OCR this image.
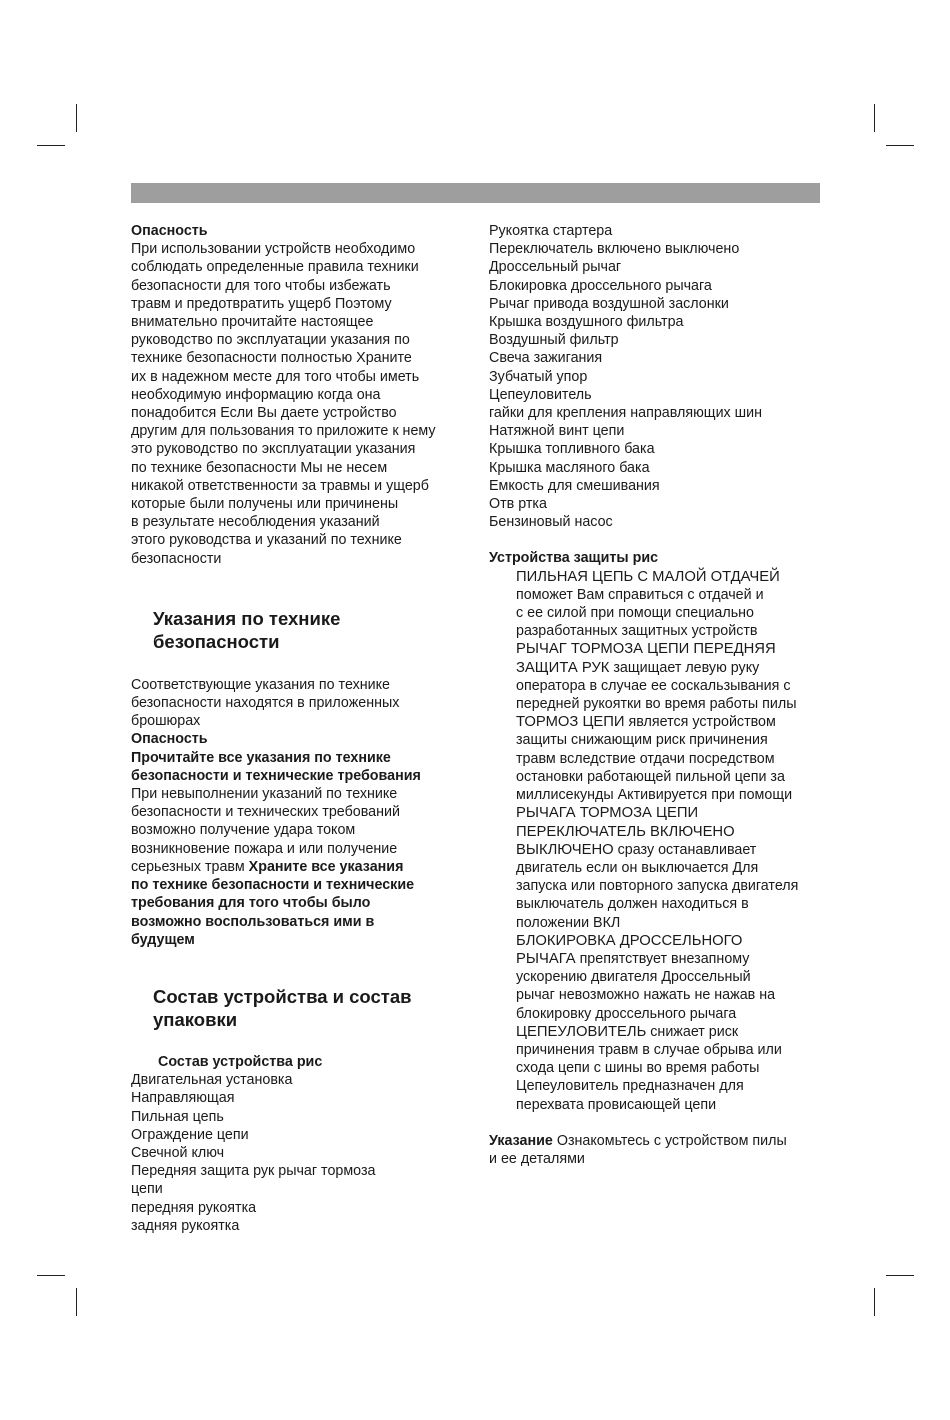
Опасность

При использовании устройств необходимо
соблюдать определенные правила техники
безопасности для того чтобы избежать
травм и предотвратить ущерб Поэтому
внимательно прочитайте настоящее
руководство по эксплуатации указания по
технике безопасности полностью Храните
их в надежном месте для того чтобы иметь
необходимую информацию когда она
понадобится Если Вы даете устройство
другим для пользования то приложите к нему
это руководство по эксплуатации указания
по технике безопасности Мы не несем
никакой ответственности за травмы и ущерб
которые были получены или причинены
в результате несоблюдения указаний
этого руководства и указаний по технике
безопасности

Указания по технике
безопасности

Соответствующие указания по технике
безопасности находятся в приложенных
брошюрах

Опасность

Прочитайте все указания по технике
безопасности и технические требования

При невыполнении указаний по технике
безопасности и технических требований
возможно получение удара током
возникновение пожара и или получение
серьезных травм Храните все указания
по технике безопасности и технические
требования для того чтобы было
возможно воспользоваться ими в
будущем

Состав устройства и состав
упаковки

Состав устройства рис

Двигательная установка
Направляющая
Пильная цепь
Ограждение цепи
Свечной ключ
Передняя защита рук рычаг тормоза
цепи
передняя рукоятка
задняя рукоятка
Рукоятка стартера
Переключатель включено выключено
Дроссельный рычаг
Блокировка дроссельного рычага
Рычаг привода воздушной заслонки
Крышка воздушного фильтра
Воздушный фильтр
Свеча зажигания
Зубчатый упор
Цепеуловитель
гайки для крепления направляющих шин
Натяжной винт цепи
Крышка топливного бака
Крышка масляного бака
Емкость для смешивания
Отв ртка
Бензиновый насос

Устройства защиты рис

ПИЛЬНАЯ ЦЕПЬ С МАЛОЙ ОТДАЧЕЙ
поможет Вам справиться с отдачей и
с ее силой при помощи специально
разработанных защитных устройств

РЫЧАГ ТОРМОЗА ЦЕПИ ПЕРЕДНЯЯ
ЗАЩИТА РУК защищает левую руку
оператора в случае ее соскальзывания с
передней рукоятки во время работы пилы

ТОРМОЗ ЦЕПИ является устройством
защиты снижающим риск причинения
травм вследствие отдачи посредством
остановки работающей пильной цепи за
миллисекунды Активируется при помощи

РЫЧАГА ТОРМОЗА ЦЕПИ
ПЕРЕКЛЮЧАТЕЛЬ ВКЛЮЧЕНО
ВЫКЛЮЧЕНО сразу останавливает
двигатель если он выключается Для
запуска или повторного запуска двигателя
выключатель должен находиться в
положении ВКЛ

БЛОКИРОВКА ДРОССЕЛЬНОГО
РЫЧАГА препятствует внезапному
ускорению двигателя Дроссельный
рычаг невозможно нажать не нажав на
блокировку дроссельного рычага

ЦЕПЕУЛОВИТЕЛЬ снижает риск
причинения травм в случае обрыва или
схода цепи с шины во время работы
Цепеуловитель предназначен для
перехвата провисающей цепи

Указание Ознакомьтесь с устройством пилы
и ее деталями
